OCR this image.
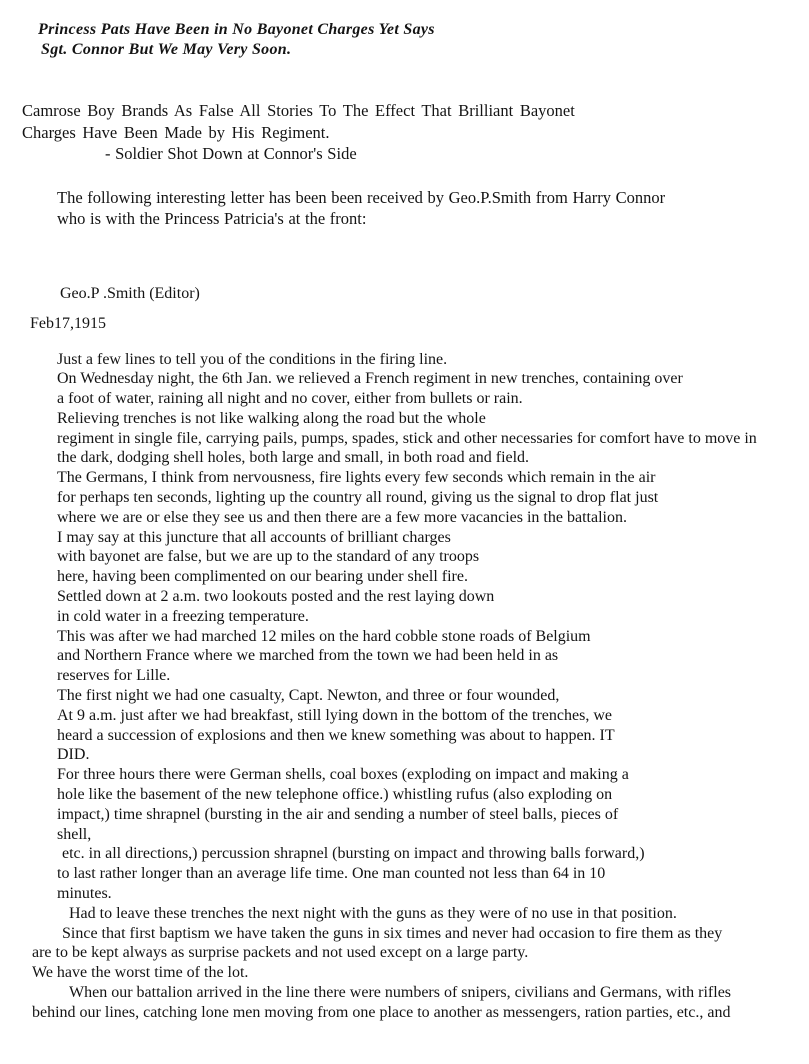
Princess Pats Have Been in No Bayonet Charges Yet Says
Sgt. Connor But We May Very Soon.
Camrose Boy Brands As False All Stories To The Effect That Brilliant Bayonet
Charges Have Been Made by His Regiment.
- Soldier Shot Down at Connor's Side
The following interesting letter has been been received by Geo.P.Smith from Harry Connor
who is with the Princess Patricia's at the front:
Geo.P .Smith (Editor)
Feb17,1915
Just a few lines to tell you of the conditions in the firing line.
On Wednesday night, the 6th Jan. we relieved a French regiment in new trenches, containing over
a foot of water, raining all night and no cover, either from bullets or rain.
Relieving trenches is not like walking along the road but the whole
regiment in single file, carrying pails, pumps, spades, stick and other necessaries for comfort have to move in
the dark, dodging shell holes, both large and small, in both road and field.
The Germans, I think from nervousness, fire lights every few seconds which remain in the air
for perhaps ten seconds, lighting up the country all round, giving us the signal to drop flat just
where we are or else they see us and then there are a few more vacancies in the battalion.
I may say at this juncture that all accounts of brilliant charges
with bayonet are false, but we are up to the standard of any troops
here, having been complimented on our bearing under shell fire.
Settled down at 2 a.m. two lookouts posted and the rest laying down
in cold water in a freezing temperature.
This was after we had marched 12 miles on the hard cobble stone roads of Belgium
and Northern France where we marched from the town we had been held in as
reserves for Lille.
The first night we had one casualty, Capt. Newton, and three or four wounded,
At 9 a.m. just after we had breakfast, still lying down in the bottom of the trenches, we
heard a succession of explosions and then we knew something was about to happen. IT
DID.
For three hours there were German shells, coal boxes (exploding on impact and making a
hole like the basement of the new telephone office.) whistling rufus (also exploding on
impact,) time shrapnel (bursting in the air and sending a number of steel balls, pieces of
shell,
etc. in all directions,) percussion shrapnel (bursting on impact and throwing balls forward,)
to last rather longer than an average life time. One man counted not less than 64 in 10
minutes.
Had to leave these trenches the next night with the guns as they were of no use in that position.
Since that first baptism we have taken the guns in six times and never had occasion to fire them as they
are to be kept always as surprise packets and not used except on a large party.
We have the worst time of the lot.
When our battalion arrived in the line there were numbers of snipers, civilians and Germans, with rifles
behind our lines, catching lone men moving from one place to another as messengers, ration parties, etc., and
